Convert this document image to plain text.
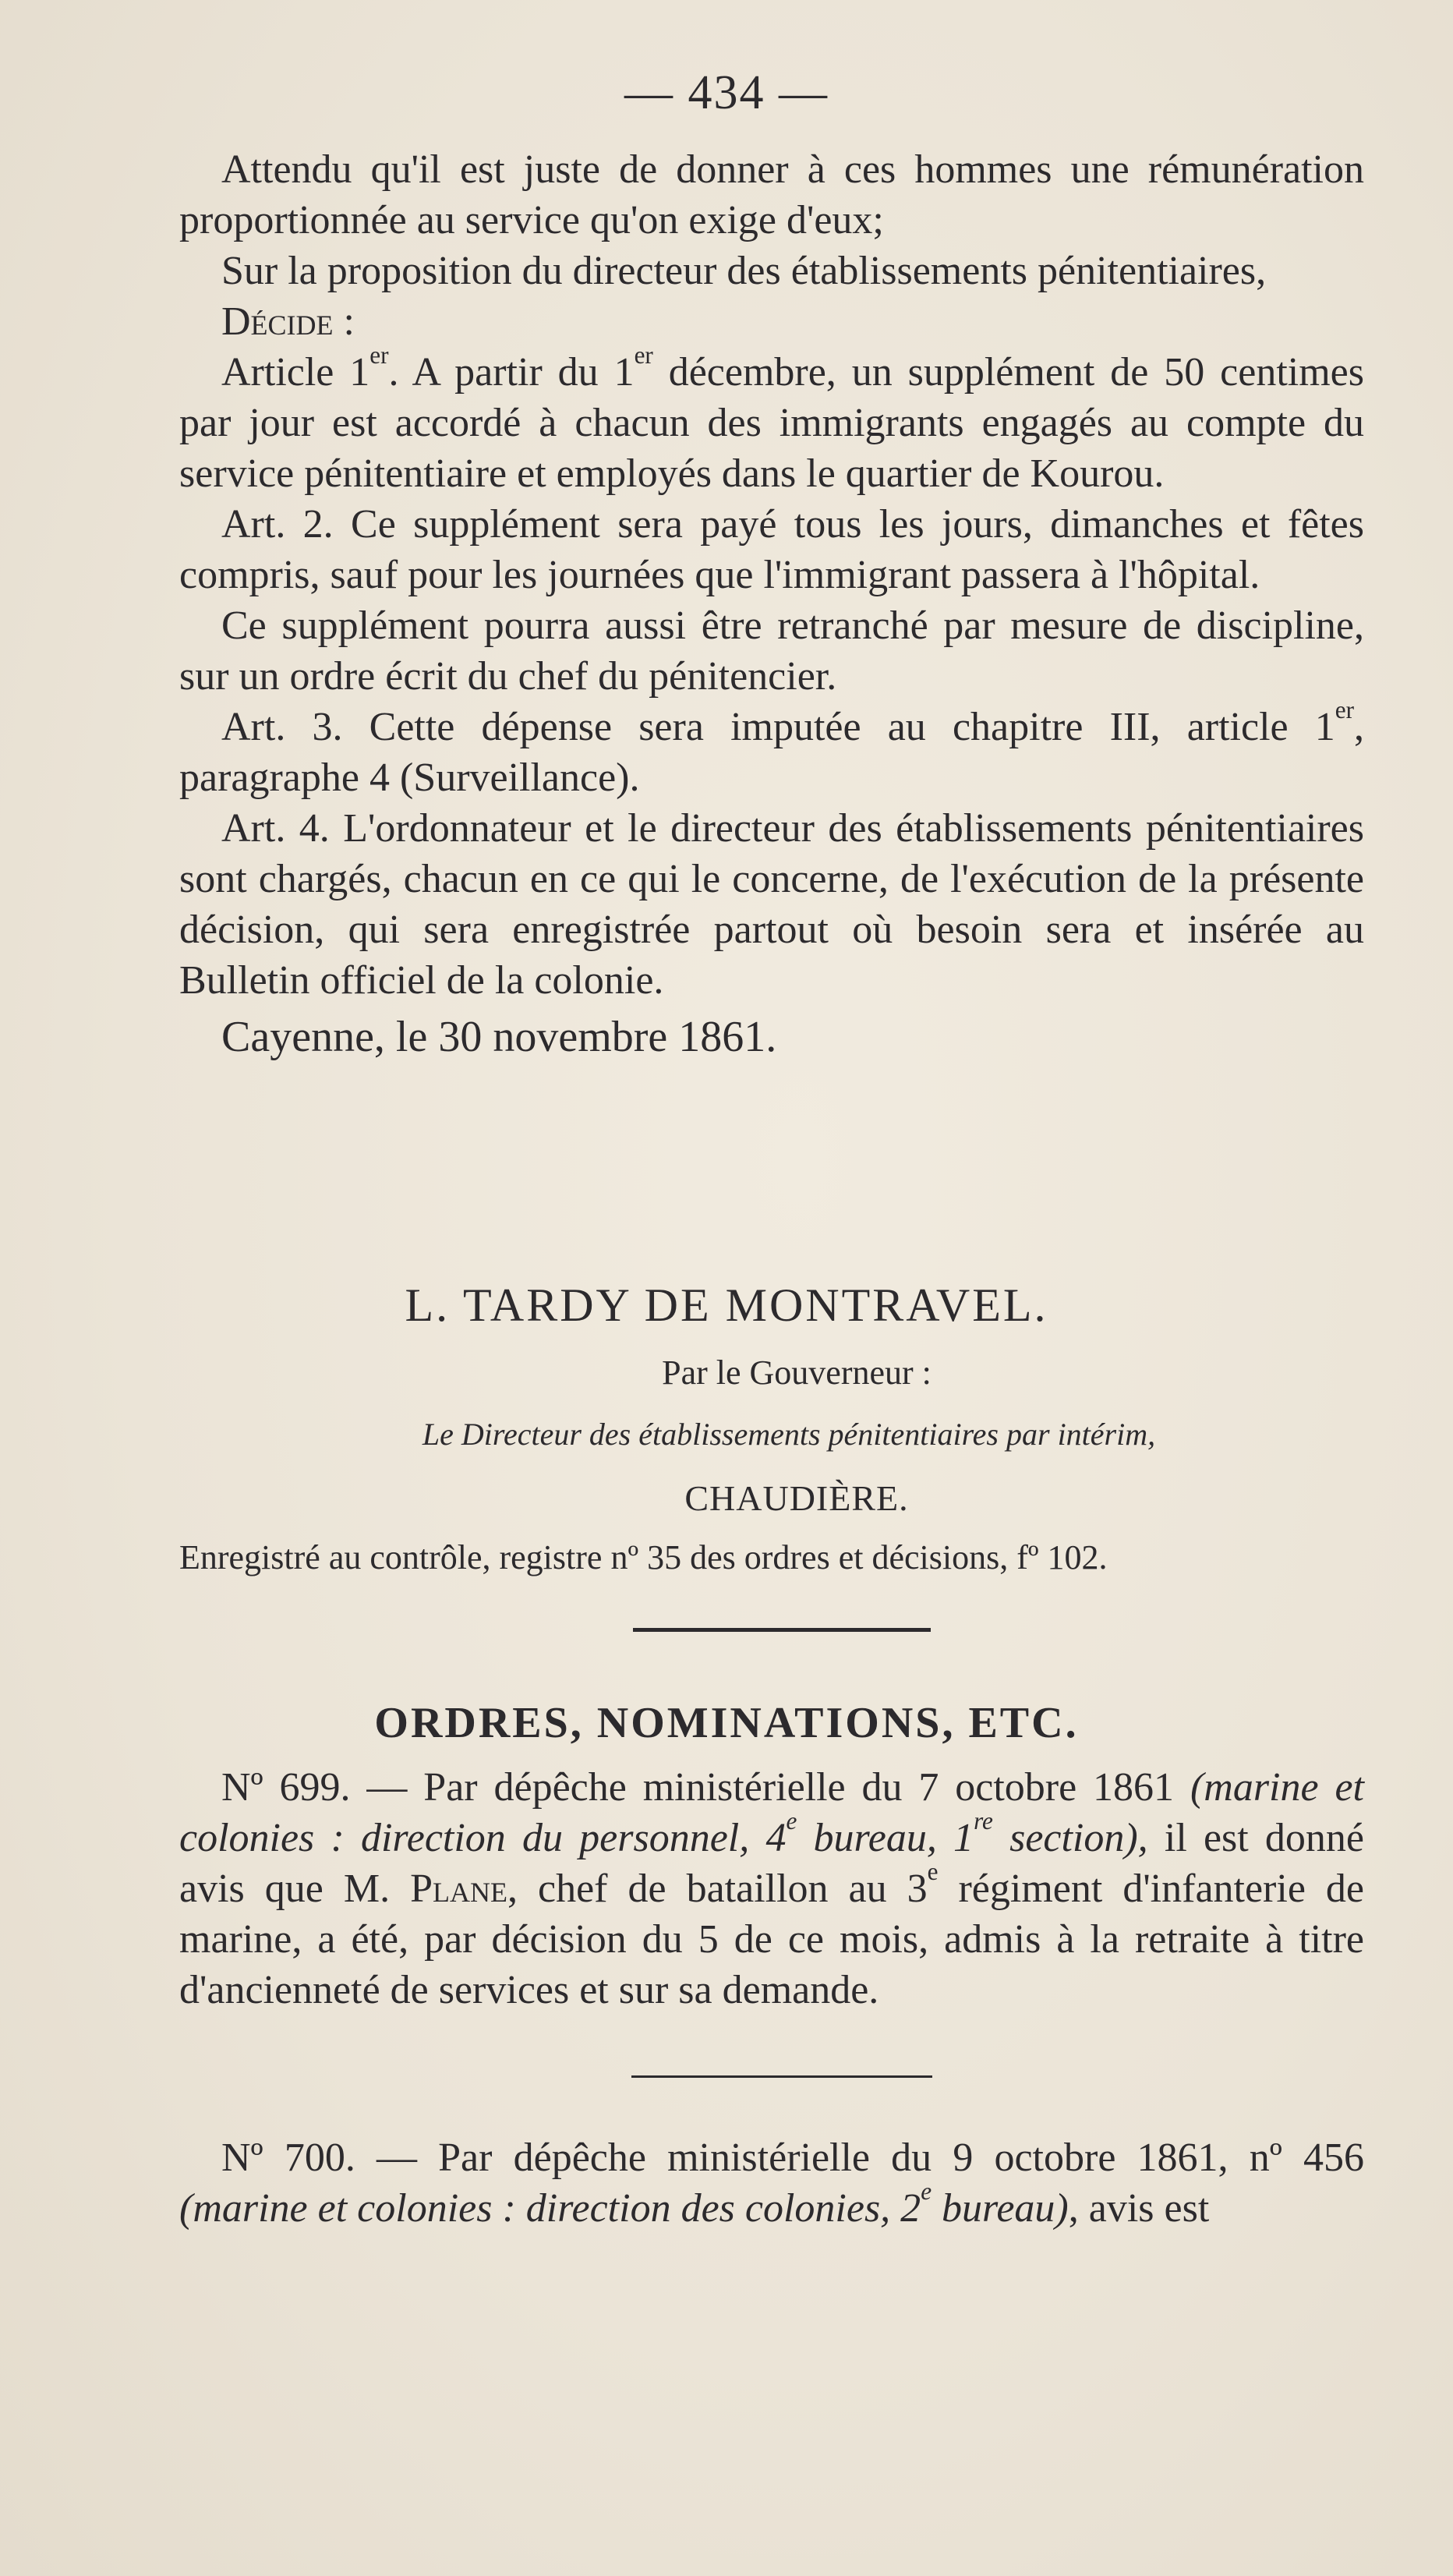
— 434 —

Attendu qu'il est juste de donner à ces hommes une rémunération proportionnée au service qu'on exige d'eux;

Sur la proposition du directeur des établissements pénitentiaires,

Décide :

Article 1er. A partir du 1er décembre, un supplément de 50 centimes par jour est accordé à chacun des immigrants engagés au compte du service pénitentiaire et employés dans le quartier de Kourou.

Art. 2. Ce supplément sera payé tous les jours, dimanches et fêtes compris, sauf pour les journées que l'immigrant passera à l'hôpital.

Ce supplément pourra aussi être retranché par mesure de discipline, sur un ordre écrit du chef du pénitencier.

Art. 3. Cette dépense sera imputée au chapitre III, article 1er, paragraphe 4 (Surveillance).

Art. 4. L'ordonnateur et le directeur des établissements pénitentiaires sont chargés, chacun en ce qui le concerne, de l'exécution de la présente décision, qui sera enregistrée partout où besoin sera et insérée au Bulletin officiel de la colonie.

Cayenne, le 30 novembre 1861.

L. TARDY DE MONTRAVEL.
Par le Gouverneur :
Le Directeur des établissements pénitentiaires par intérim,
CHAUDIÈRE.
Enregistré au contrôle, registre nº 35 des ordres et décisions, fº 102.
ORDRES, NOMINATIONS, ETC.

Nº 699. — Par dépêche ministérielle du 7 octobre 1861 (marine et colonies : direction du personnel, 4e bureau, 1re section), il est donné avis que M. Plane, chef de bataillon au 3e régiment d'infanterie de marine, a été, par décision du 5 de ce mois, admis à la retraite à titre d'ancienneté de services et sur sa demande.

Nº 700. — Par dépêche ministérielle du 9 octobre 1861, nº 456 (marine et colonies : direction des colonies, 2e bureau), avis est
